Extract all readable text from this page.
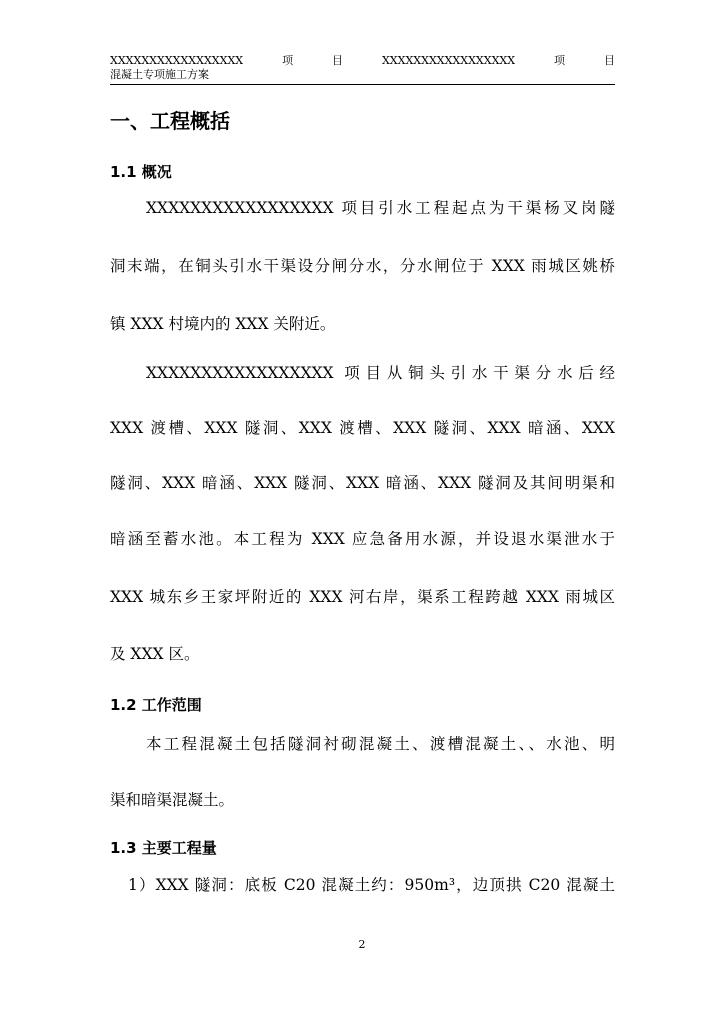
XXXXXXXXXXXXXXXXX	项	目	XXXXXXXXXXXXXXXXX	项	目
混凝土专项施工方案
一、工程概括
1.1 概况
XXXXXXXXXXXXXXXXX 项目引水工程起点为干渠杨叉岗隧
洞末端，在铜头引水干渠设分闸分水，分水闸位于 XXX 雨城区姚桥
镇 XXX 村境内的 XXX 关附近。
XXXXXXXXXXXXXXXXX 项目从铜头引水干渠分水后经
XXX 渡槽、XXX 隧洞、XXX 渡槽、XXX 隧洞、XXX 暗涵、XXX
隧洞、XXX 暗涵、XXX 隧洞、XXX 暗涵、XXX 隧洞及其间明渠和
暗涵至蓄水池。本工程为 XXX 应急备用水源，并设退水渠泄水于
XXX 城东乡王家坪附近的 XXX 河右岸，渠系工程跨越 XXX 雨城区
及 XXX 区。
1.2 工作范围
本工程混凝土包括隧洞衬砌混凝土、渡槽混凝土、、水池、明
渠和暗渠混凝土。
1.3 主要工程量
1）XXX 隧洞：底板 C20 混凝土约：950m³，边顶拱 C20 混凝土
2
